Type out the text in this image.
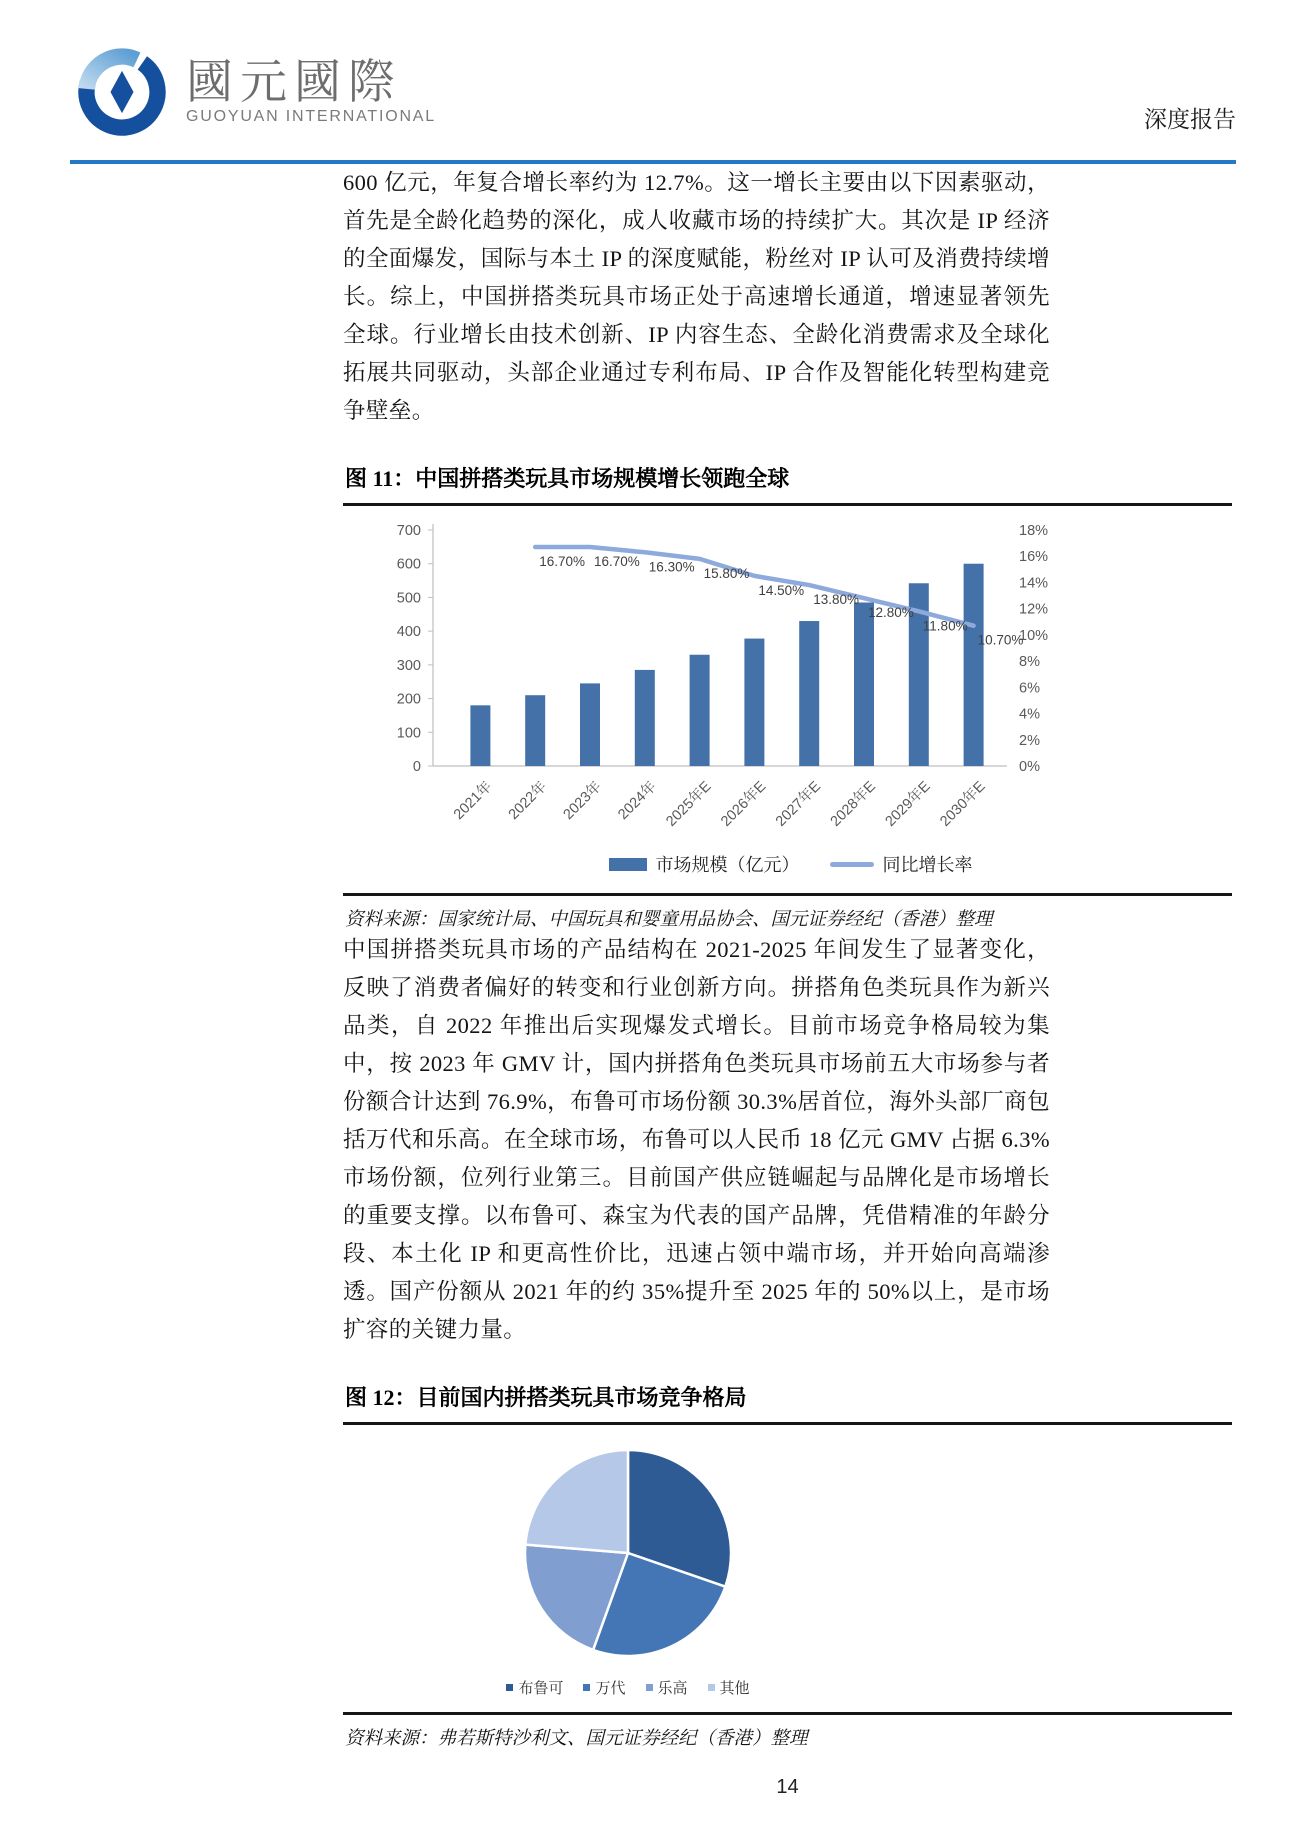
國元國際
GUOYUAN INTERNATIONAL	深度报告

600 亿元，年复合增长率约为 12.7%。这一增长主要由以下因素驱动，首先是全龄化趋势的深化，成人收藏市场的持续扩大。其次是 IP 经济的全面爆发，国际与本土 IP 的深度赋能，粉丝对 IP 认可及消费持续增长。综上，中国拼搭类玩具市场正处于高速增长通道，增速显著领先全球。行业增长由技术创新、IP 内容生态、全龄化消费需求及全球化拓展共同驱动，头部企业通过专利布局、IP 合作及智能化转型构建竞争壁垒。

图 11：中国拼搭类玩具市场规模增长领跑全球
0
100
200
300
400
500
600
700
0%
2%
4%
6%
8%
10%
12%
14%
16%
18%
2021年 2022年 2023年 2024年 2025年E 2026年E 2027年E 2028年E 2029年E 2030年E
16.70% 16.70% 16.30% 15.80%
14.50%
13.80%
12.80%
11.80%
10.70%
市场规模（亿元）	同比增长率
资料来源：国家统计局、中国玩具和婴童用品协会、国元证券经纪（香港）整理

中国拼搭类玩具市场的产品结构在 2021-2025 年间发生了显著变化，反映了消费者偏好的转变和行业创新方向。拼搭角色类玩具作为新兴品类，自 2022 年推出后实现爆发式增长。目前市场竞争格局较为集中，按 2023 年 GMV 计，国内拼搭角色类玩具市场前五大市场参与者份额合计达到 76.9%，布鲁可市场份额 30.3%居首位，海外头部厂商包括万代和乐高。在全球市场，布鲁可以人民币 18 亿元 GMV 占据 6.3%市场份额，位列行业第三。目前国产供应链崛起与品牌化是市场增长的重要支撑。以布鲁可、森宝为代表的国产品牌，凭借精准的年龄分段、本土化 IP 和更高性价比，迅速占领中端市场，并开始向高端渗透。国产份额从 2021 年的约 35%提升至 2025 年的 50%以上，是市场扩容的关键力量。

图 12：目前国内拼搭类玩具市场竞争格局
布鲁可 万代 乐高 其他
资料来源：弗若斯特沙利文、国元证券经纪（香港）整理
14
